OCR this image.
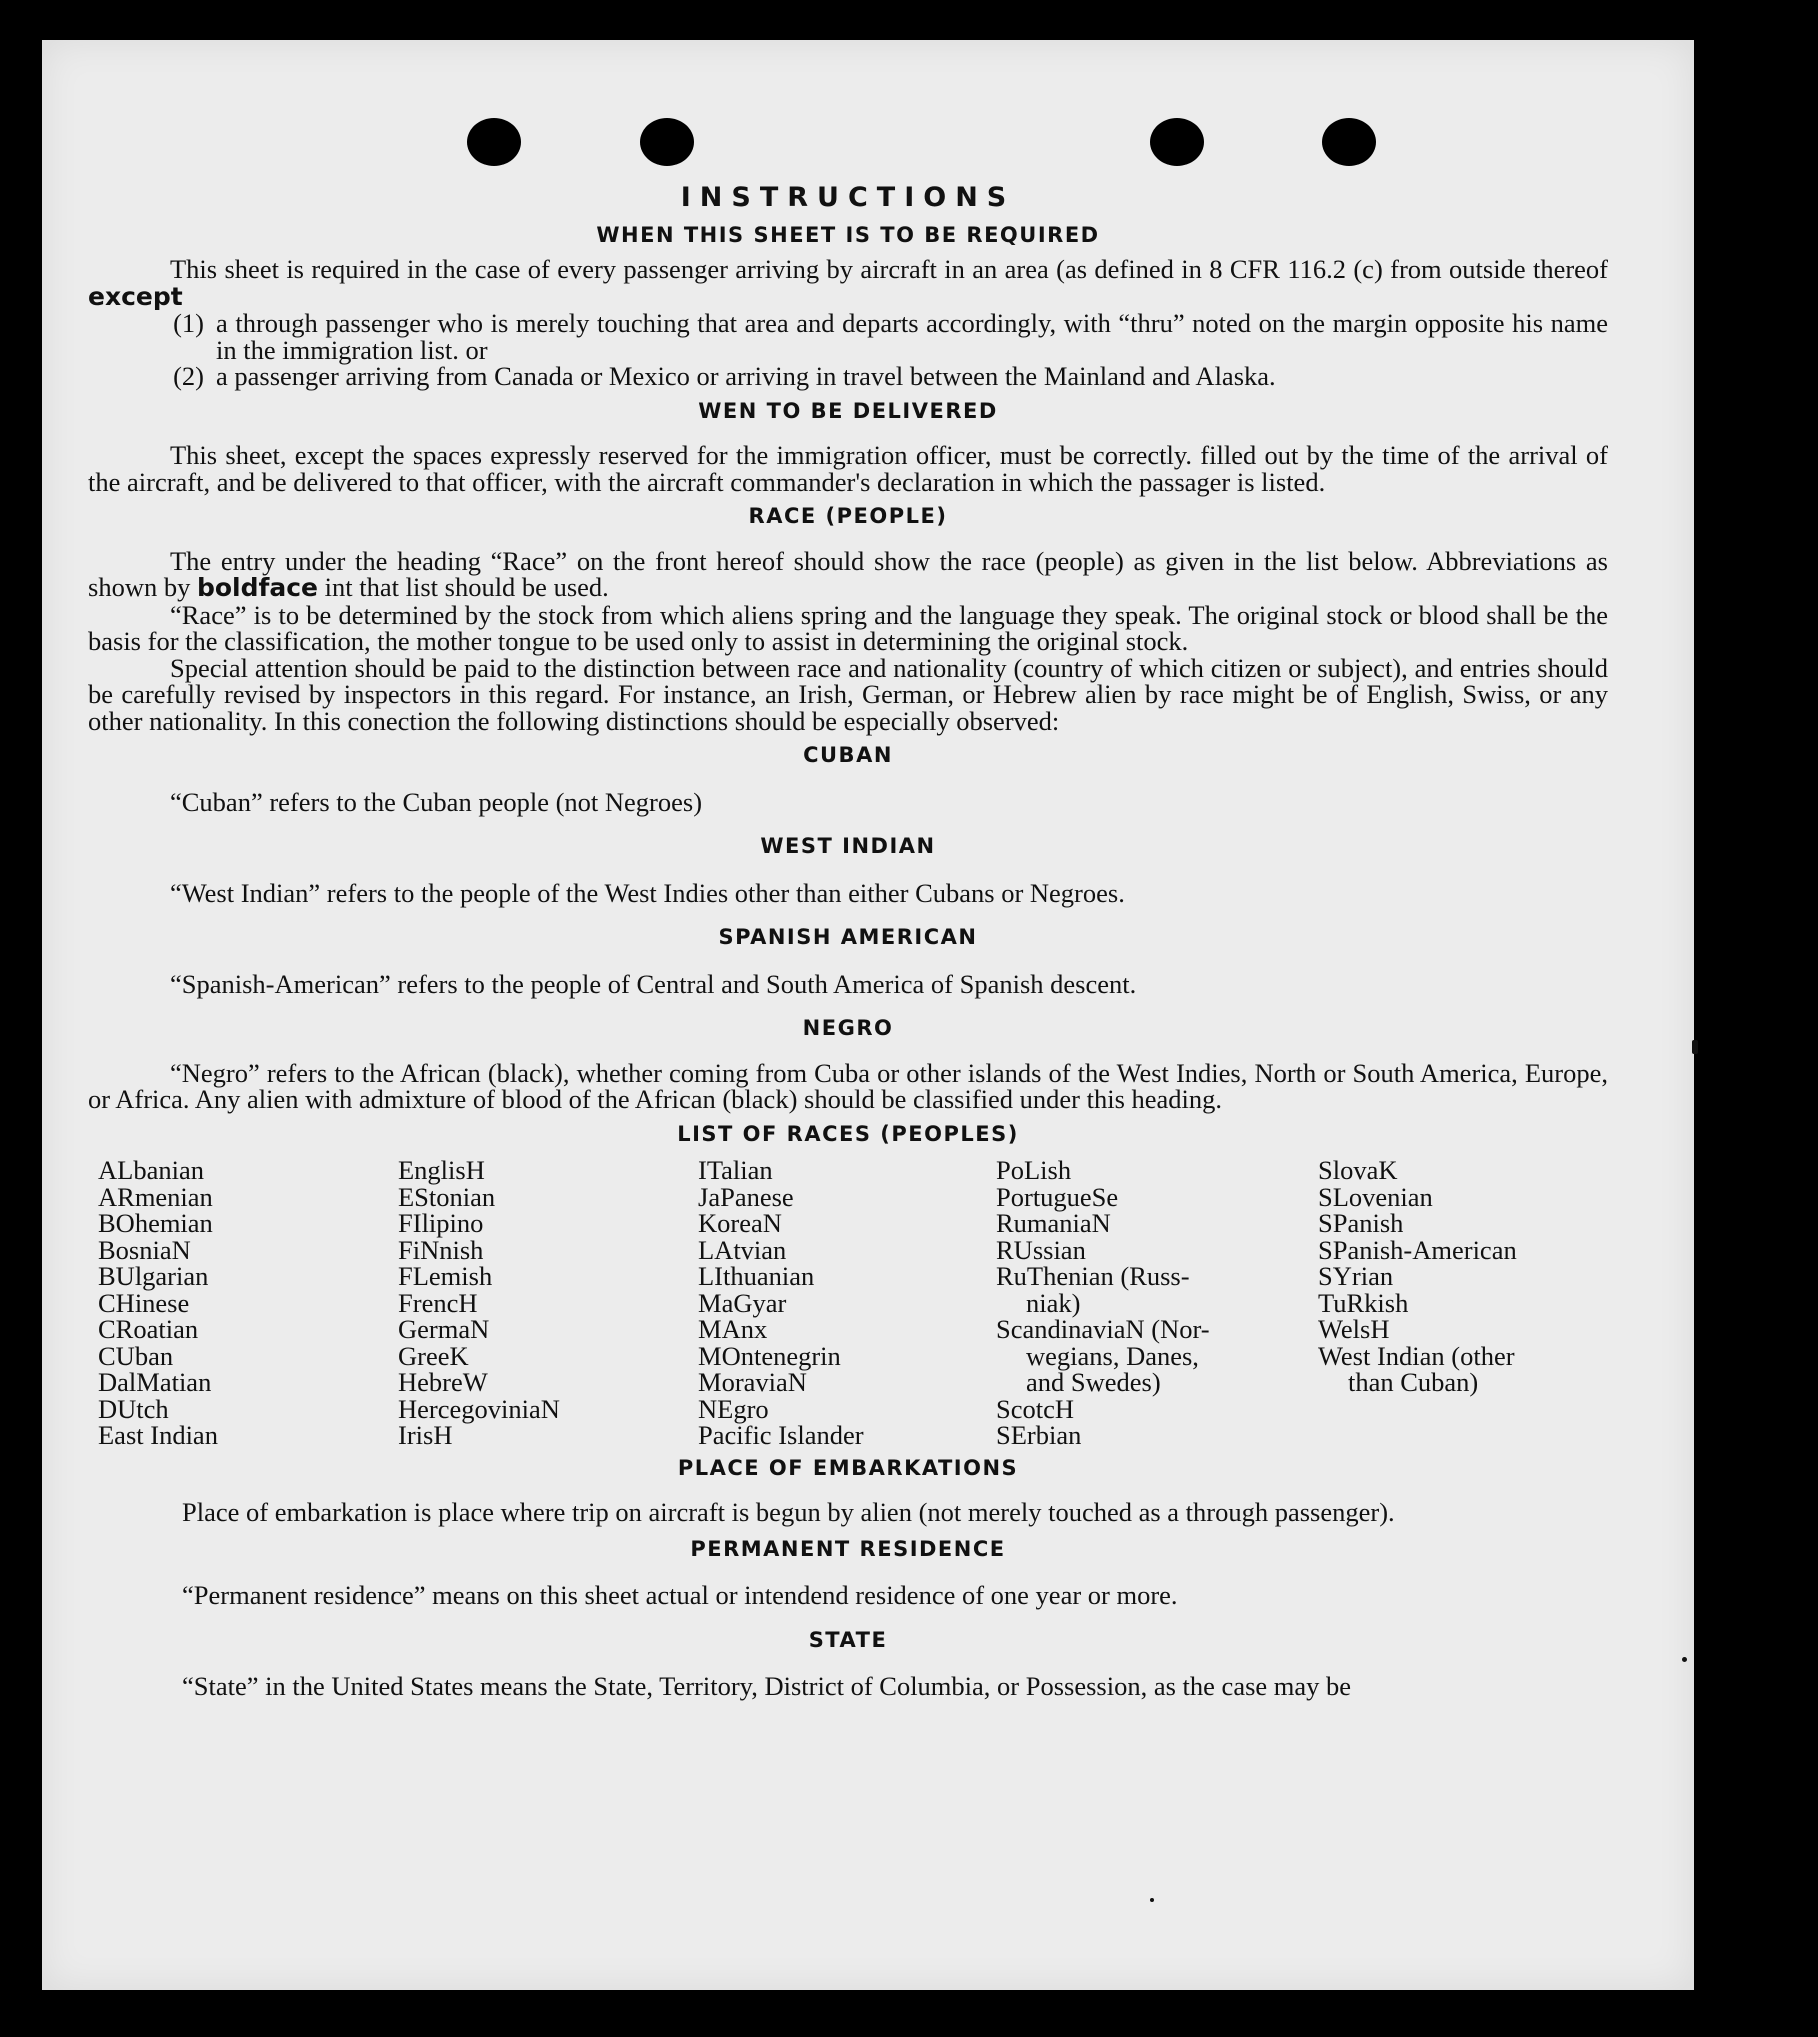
INSTRUCTIONS
WHEN THIS SHEET IS TO BE REQUIRED

This sheet is required in the case of every passenger arriving by aircraft in an area (as defined in 8 CFR 116.2 (c) from outside thereof except

(1) a through passenger who is merely touching that area and departs accordingly, with “thru” noted on the margin opposite his name in the immigration list. or
(2) a passenger arriving from Canada or Mexico or arriving in travel between the Mainland and Alaska.
WEN TO BE DELIVERED

This sheet, except the spaces expressly reserved for the immigration officer, must be correctly. filled out by the time of the arrival of the aircraft, and be delivered to that officer, with the aircraft commander's declaration in which the passager is listed.

RACE (PEOPLE)

The entry under the heading “Race” on the front hereof should show the race (people) as given in the list below. Abbreviations as shown by boldface int that list should be used.

“Race” is to be determined by the stock from which aliens spring and the language they speak. The original stock or blood shall be the basis for the classification, the mother tongue to be used only to assist in determining the original stock.

Special attention should be paid to the distinction between race and nationality (country of which citizen or subject), and entries should be carefully revised by inspectors in this regard. For instance, an Irish, German, or Hebrew alien by race might be of English, Swiss, or any other nationality. In this conection the following distinctions should be especially observed:

CUBAN

“Cuban” refers to the Cuban people (not Negroes)

WEST INDIAN

“West Indian” refers to the people of the West Indies other than either Cubans or Negroes.

SPANISH AMERICAN

“Spanish-American” refers to the people of Central and South America of Spanish descent.

NEGRO

“Negro” refers to the African (black), whether coming from Cuba or other islands of the West Indies, North or South America, Europe, or Africa. Any alien with admixture of blood of the African (black) should be classified under this heading.

LIST OF RACES (PEOPLES)
ALbanian
ARmenian
BOhemian
BosniaN
BUlgarian
CHinese
CRoatian
CUban
DalMatian
DUtch
East Indian
EnglisH
EStonian
FIlipino
FiNnish
FLemish
FrencH
GermaN
GreeK
HebreW
HercegoviniaN
IrisH
ITalian
JaPanese
KoreaN
LAtvian
LIthuanian
MaGyar
MAnx
MOntenegrin
MoraviaN
NEgro
Pacific Islander
PoLish
PortugueSe
RumaniaN
RUssian
RuThenian (Russ-
niak)
ScandinaviaN (Nor-
wegians, Danes,
and Swedes)
ScotcH
SErbian
SlovaK
SLovenian
SPanish
SPanish-American
SYrian
TuRkish
WelsH
West Indian (other
than Cuban)
PLACE OF EMBARKATIONS

Place of embarkation is place where trip on aircraft is begun by alien (not merely touched as a through passenger).

PERMANENT RESIDENCE

“Permanent residence” means on this sheet actual or intendend residence of one year or more.

STATE

“State” in the United States means the State, Territory, District of Columbia, or Possession, as the case may be
